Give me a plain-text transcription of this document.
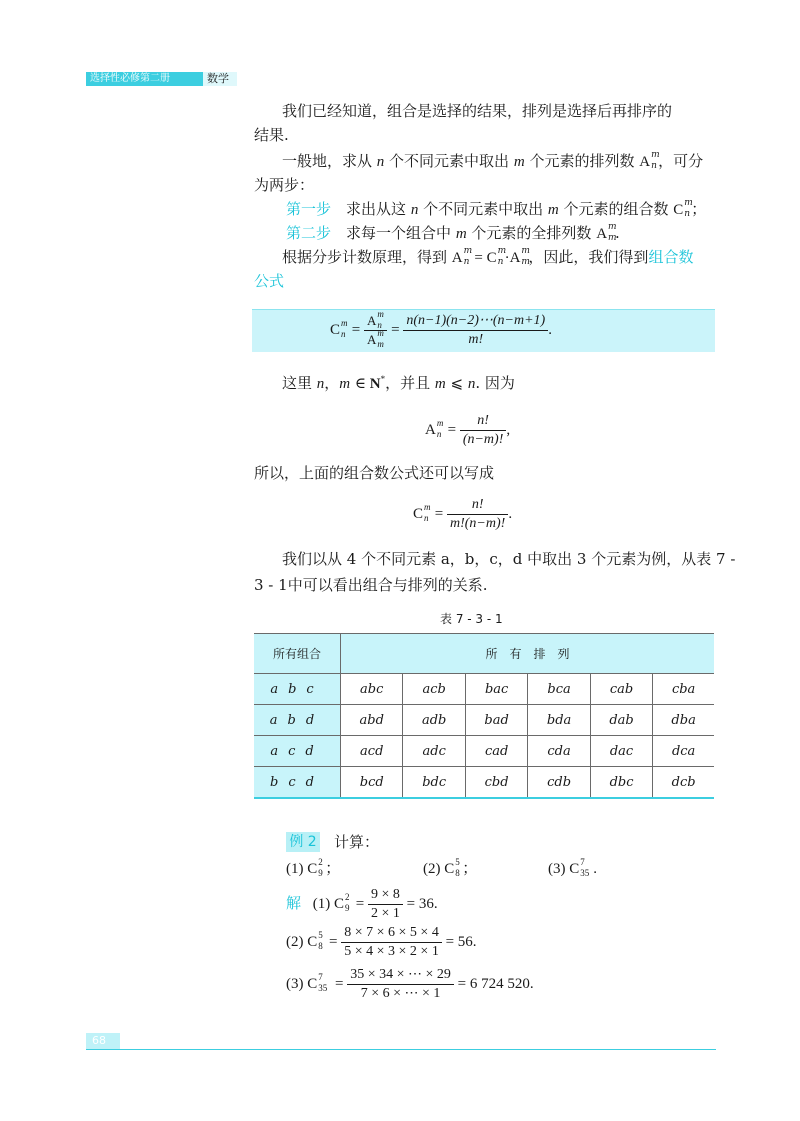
选择性必修第二册	数学
我们已经知道，组合是选择的结果，排列是选择后再排序的
结果.
一般地，求从 n 个不同元素中取出 m 个元素的排列数 A m
n ，可分
为两步：
第一步　 求出从这 n 个不同元素中取出 m 个元素的组合数 C m
n ；
第二步　 求每一个组合中 m 个元素的全排列数 A m
m
.
根据分步计数原理，得到 A m
n = C m
n ·A m
m
，因此，我们得到组合数
公式
C m
n = A m
n
A m
$m = \frac{n(n-1)(n-2)\cdots(n-m+1)}{m!}$ .
这里 n，m ∈ N*，并且 m ⩽ n. 因为
A m
$n = \frac{n!}{(n-m)!}$ ,
所以，上面的组合数公式还可以写成
C m
$n = \frac{n!}{m!(n-m)!}$ .
我们以从 4 个不同元素 a，b，c，d 中取出 3 个元素为例，从表 7 -
3 - 1中可以看出组合与排列的关系.
表 7 - 3 - 1
所有组合	所　有　排　列					
abc	abc	acb	bac	bca	cab	cba
abd	abd	adb	bad	bda	dab	dba
acd	acd	adc	cad	cda	dac	dca
bcd	bcd	bdc	cbd	cdb	dbc	dcb
例 2 计算：
(1) C 2
9 ；	(2) C 5
8 ；	(3) C 7
35 .
解 (1) C 2
$9 = \frac{9 \times 8}{2 \times 1} = 36$.
(2) C 5
$8 = \frac{8 \times 7 \times 6 \times 5 \times 4}{5 \times 4 \times 3 \times 2 \times 1} = 56$.
(3) C 7
$35 = \frac{35 \times 34 \times \cdots \times 29}{7 \times 6 \times \cdots \times 1} = 6$ 724 520.
68
